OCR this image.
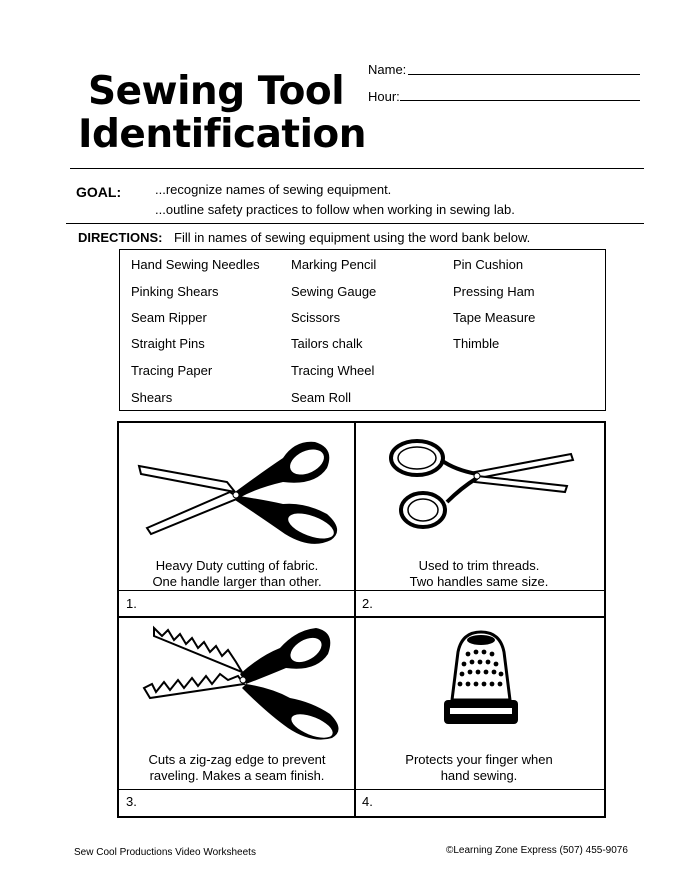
Sewing Tool
Identification
Name:
Hour:
GOAL:	...recognize names of sewing equipment.
...outline safety practices to follow when working in sewing lab.
DIRECTIONS: Fill in names of sewing equipment using the word bank below.
Hand Sewing Needles
Pinking Shears
Seam Ripper
Straight Pins
Tracing Paper
Shears
Marking Pencil
Sewing Gauge
Scissors
Tailors chalk
Tracing Wheel
Seam Roll
Pin Cushion
Pressing Ham
Tape Measure
Thimble
Heavy Duty cutting of fabric.
One handle larger than other.
1.
Used to trim threads.
Two handles same size.
2.
Cuts a zig-zag edge to prevent
raveling. Makes a seam finish.
3.
Protects your finger when
hand sewing.
4.
Sew Cool Productions Video Worksheets	©Learning Zone Express (507) 455-9076
